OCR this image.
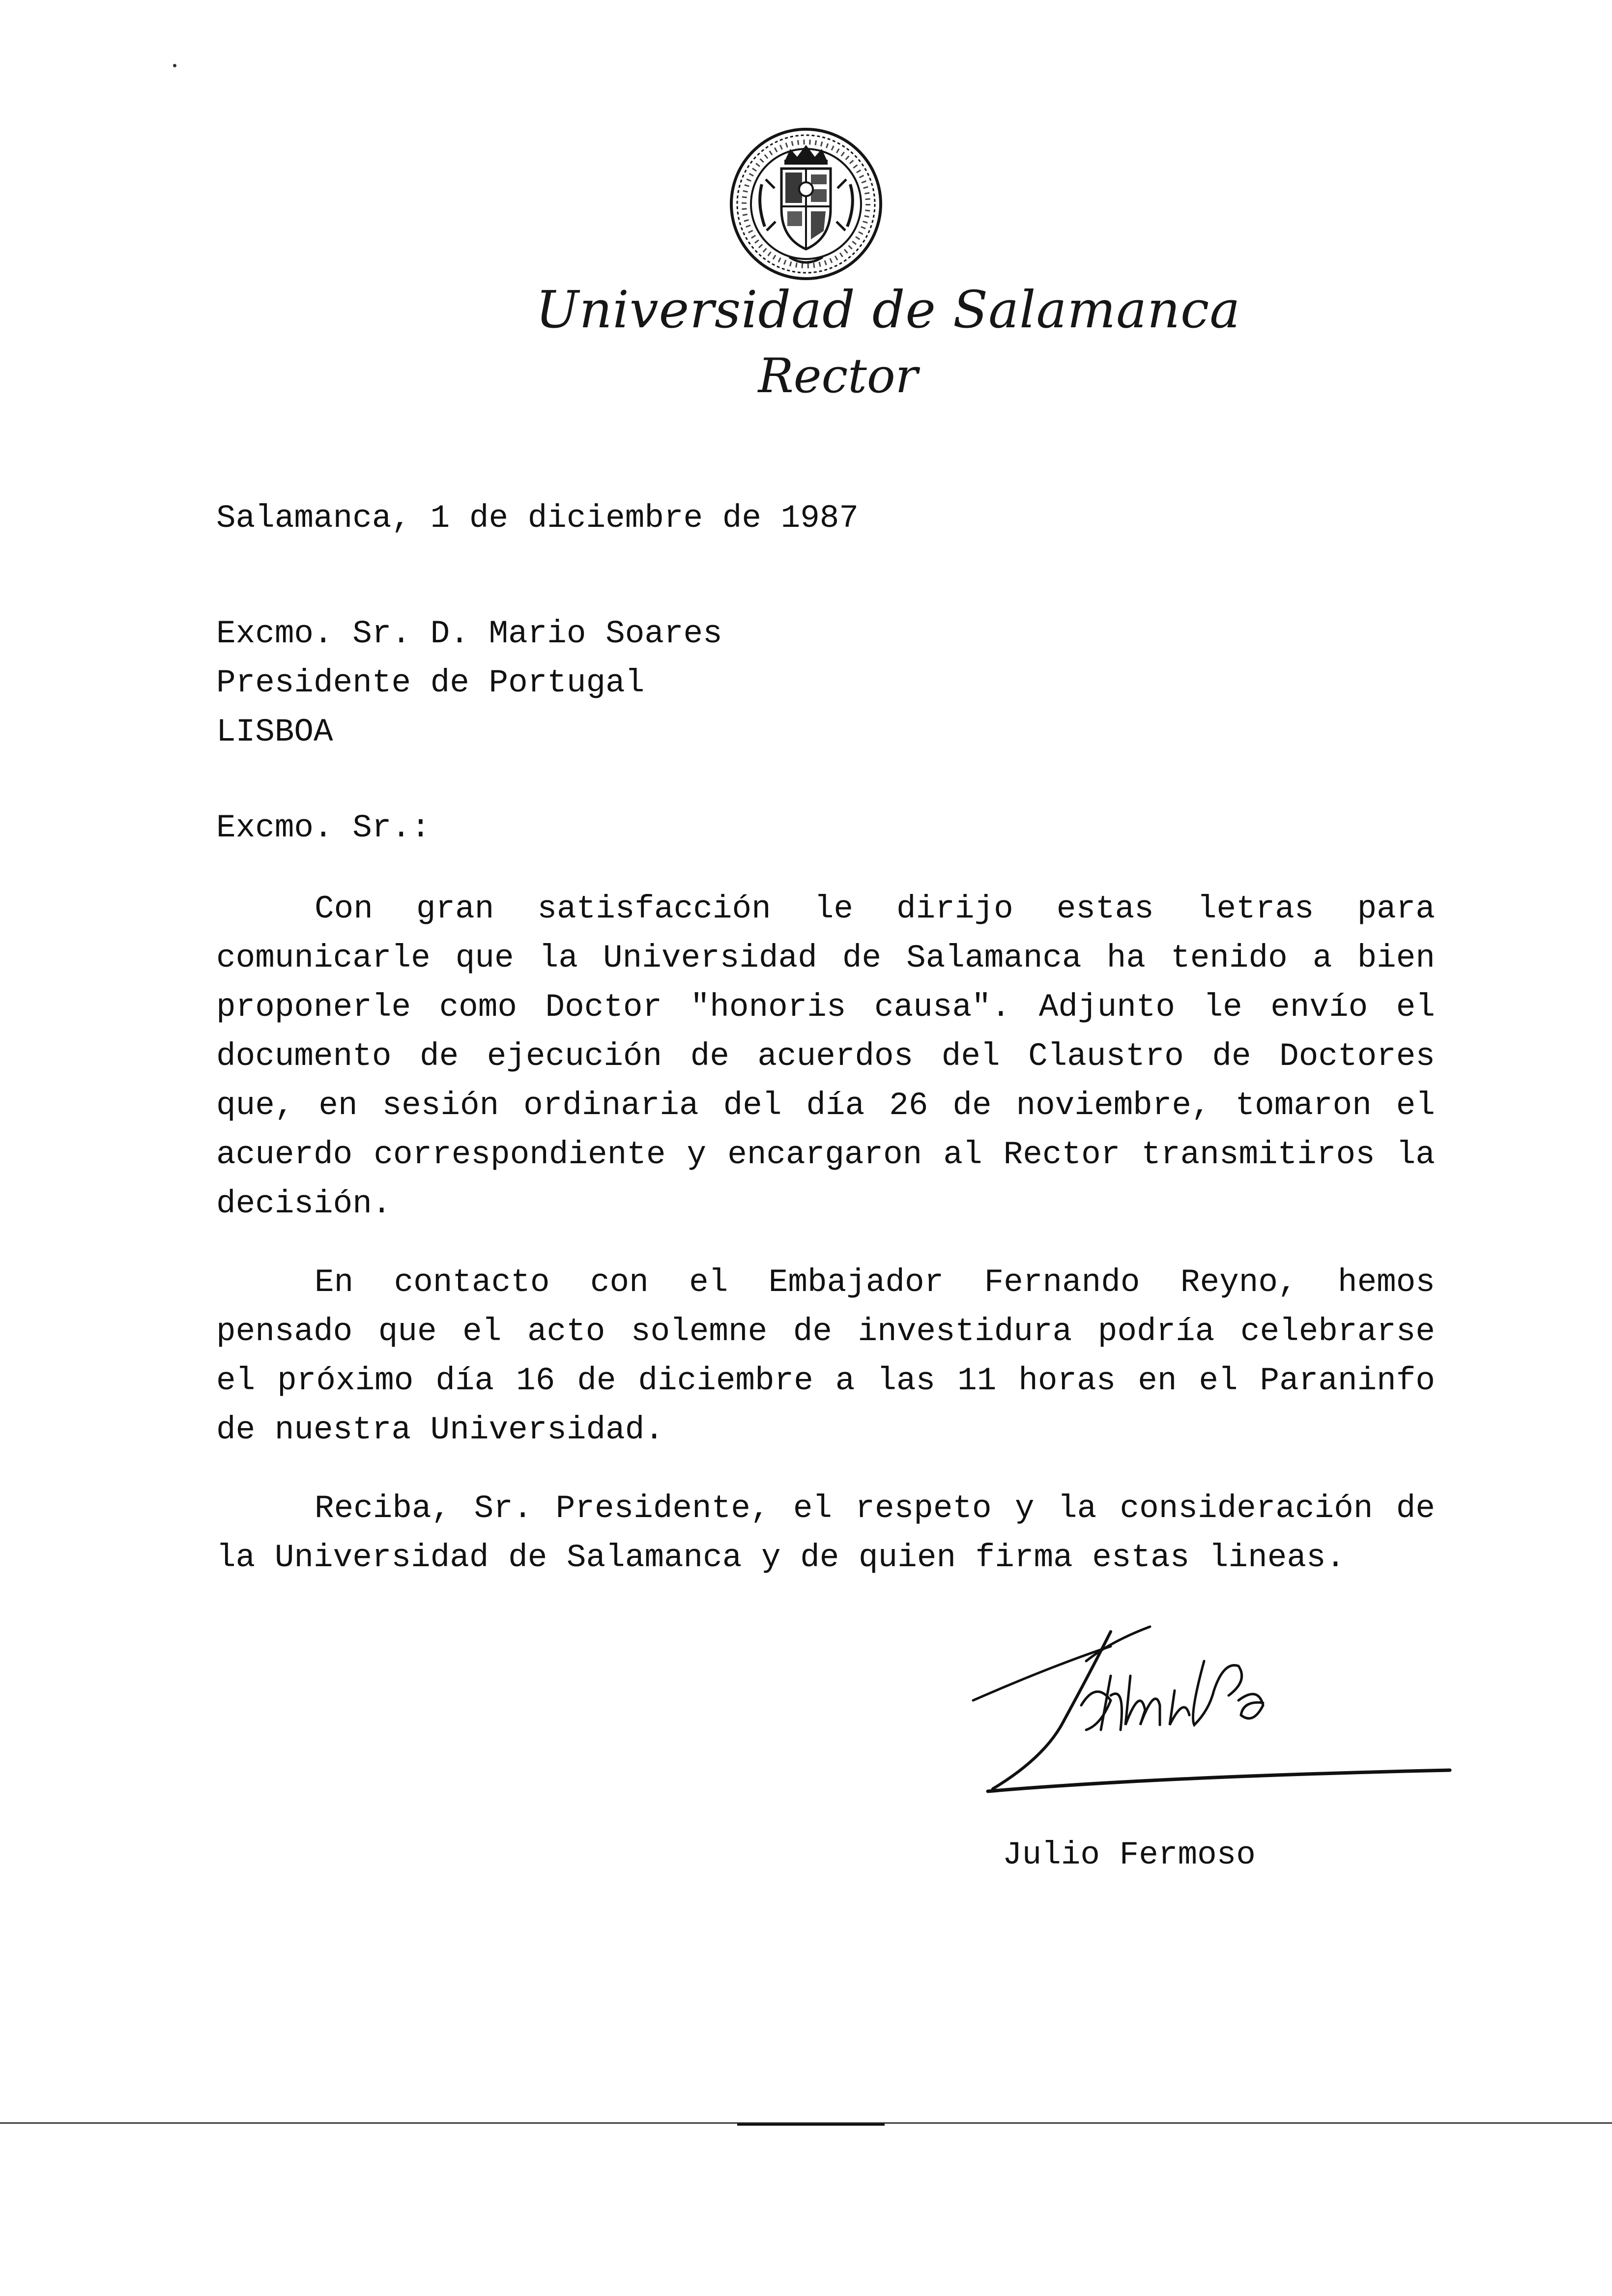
Universidad de Salamanca
Rector
Salamanca, 1 de diciembre de 1987
Excmo. Sr. D. Mario Soares
Presidente de Portugal
LISBOA
Excmo. Sr.:

Con gran satisfacción le dirijo estas letras para comunicarle que la Universidad de Salamanca ha tenido a bien proponerle como Doctor "honoris causa". Adjunto le envío el documento de ejecución de acuerdos del Claustro de Doctores que, en sesión ordinaria del día 26 de noviembre, tomaron el acuerdo correspondiente y encargaron al Rector transmitiros la decisión.

En contacto con el Embajador Fernando Reyno, hemos pensado que el acto solemne de investidura podría celebrarse el próximo día 16 de diciembre a las 11 horas en el Paraninfo de nuestra Universidad.

Reciba, Sr. Presidente, el respeto y la consideración de la Universidad de Salamanca y de quien firma estas lineas.

Julio Fermoso
